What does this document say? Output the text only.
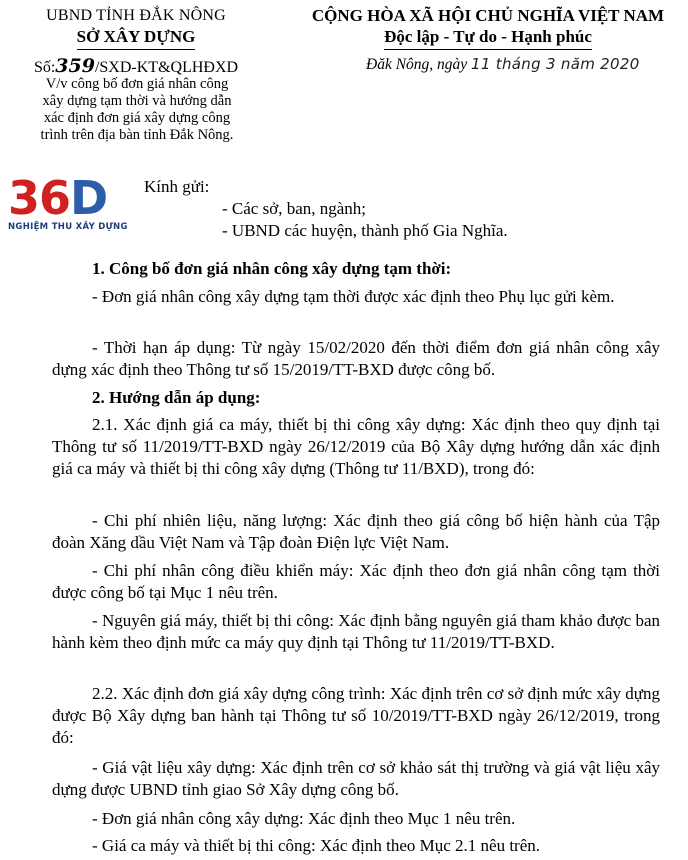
UBND TỈNH ĐẮK NÔNG
SỞ XÂY DỰNG
Số:359/SXD-KT&QLHĐXD
V/v công bố đơn giá nhân công
xây dựng tạm thời và hướng dẫn
xác định đơn giá xây dựng công
trình trên địa bàn tỉnh Đắk Nông.
CỘNG HÒA XÃ HỘI CHỦ NGHĨA VIỆT NAM
Độc lập - Tự do - Hạnh phúc
Đăk Nông, ngày 11 tháng 3 năm 2020
3 6 D
NGHIỆM THU XÂY DỰNG
Kính gửi:
- Các sở, ban, ngành;
- UBND các huyện, thành phố Gia Nghĩa.
1. Công bố đơn giá nhân công xây dựng tạm thời:
- Đơn giá nhân công xây dựng tạm thời được xác định theo Phụ lục gửi kèm.
- Thời hạn áp dụng: Từ ngày 15/02/2020 đến thời điểm đơn giá nhân công xây dựng xác định theo Thông tư số 15/2019/TT-BXD được công bố.
2. Hướng dẫn áp dụng:
2.1. Xác định giá ca máy, thiết bị thi công xây dựng: Xác định theo quy định tại Thông tư số 11/2019/TT-BXD ngày 26/12/2019 của Bộ Xây dựng hướng dẫn xác định giá ca máy và thiết bị thi công xây dựng (Thông tư 11/BXD), trong đó:
- Chi phí nhiên liệu, năng lượng: Xác định theo giá công bố hiện hành của Tập đoàn Xăng dầu Việt Nam và Tập đoàn Điện lực Việt Nam.
- Chi phí nhân công điều khiển máy: Xác định theo đơn giá nhân công tạm thời được công bố tại Mục 1 nêu trên.
- Nguyên giá máy, thiết bị thi công: Xác định bằng nguyên giá tham khảo được ban hành kèm theo định mức ca máy quy định tại Thông tư 11/2019/TT-BXD.
2.2. Xác định đơn giá xây dựng công trình: Xác định trên cơ sở định mức xây dựng được Bộ Xây dựng ban hành tại Thông tư số 10/2019/TT-BXD ngày 26/12/2019, trong đó:
- Giá vật liệu xây dựng: Xác định trên cơ sở khảo sát thị trường và giá vật liệu xây dựng được UBND tỉnh giao Sở Xây dựng công bố.
- Đơn giá nhân công xây dựng: Xác định theo Mục 1 nêu trên.
- Giá ca máy và thiết bị thi công: Xác định theo Mục 2.1 nêu trên.
